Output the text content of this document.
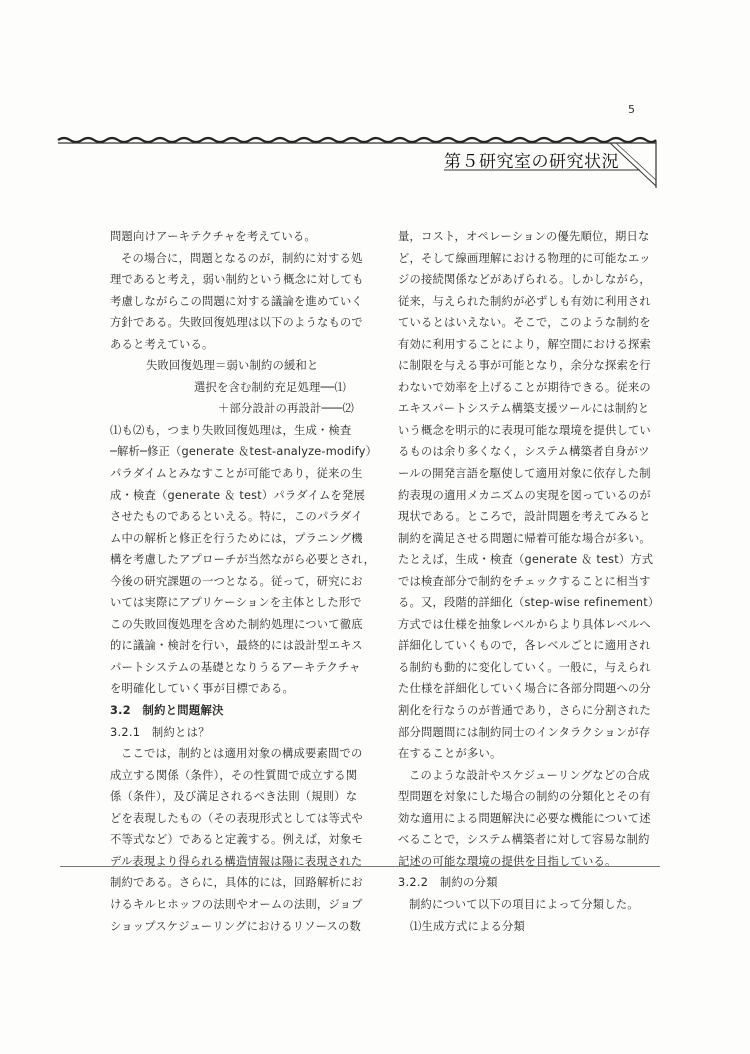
5
第５研究室の研究状況
問題向けアーキテクチャを考えている。
その場合に，問題となるのが，制約に対する処
理であると考え，弱い制約という概念に対しても
考慮しながらこの問題に対する議論を進めていく
方針である。失敗回復処理は以下のようなもので
あると考えている。
失敗回復処理＝弱い制約の緩和と
選択を含む制約充足処理──⑴
＋部分設計の再設計───⑵
⑴も⑵も，つまり失敗回復処理は，生成・検査
─解析─修正（generate ＆test-analyze-modify）
パラダイムとみなすことが可能であり，従来の生
成・検査（generate ＆ test）パラダイムを発展
させたものであるといえる。特に，このパラダイ
ム中の解析と修正を行うためには，プラニング機
構を考慮したアプローチが当然ながら必要とされ，
今後の研究課題の一つとなる。従って，研究にお
いては実際にアプリケーションを主体とした形で
この失敗回復処理を含めた制約処理について徹底
的に議論・検討を行い，最終的には設計型エキス
パートシステムの基礎となりうるアーキテクチャ
を明確化していく事が目標である。
3.2　制約と問題解決
3.2.1　制約とは？
ここでは，制約とは適用対象の構成要素間での
成立する関係（条件），その性質間で成立する関
係（条件），及び満足されるべき法則（規則）な
どを表現したもの（その表現形式としては等式や
不等式など）であると定義する。例えば，対象モ
デル表現より得られる構造情報は陽に表現された
制約である。さらに，具体的には，回路解析にお
けるキルヒホッフの法則やオームの法則，ジョブ
ショップスケジューリングにおけるリソースの数
量，コスト，オペレーションの優先順位，期日な
ど，そして線画理解における物理的に可能なエッ
ジの接続関係などがあげられる。しかしながら，
従来，与えられた制約が必ずしも有効に利用され
ているとはいえない。そこで，このような制約を
有効に利用することにより，解空間における探索
に制限を与える事が可能となり，余分な探索を行
わないで効率を上げることが期待できる。従来の
エキスパートシステム構築支援ツールには制約と
いう概念を明示的に表現可能な環境を提供してい
るものは余り多くなく，システム構築者自身がツ
ールの開発言語を駆使して適用対象に依存した制
約表現の適用メカニズムの実現を図っているのが
現状である。ところで，設計問題を考えてみると
制約を満足させる問題に帰着可能な場合が多い。
たとえば，生成・検査（generate ＆ test）方式
では検査部分で制約をチェックすることに相当す
る。又，段階的詳細化（step-wise refinement）
方式では仕様を抽象レベルからより具体レベルへ
詳細化していくもので，各レベルごとに適用され
る制約も動的に変化していく。一般に，与えられ
た仕様を詳細化していく場合に各部分問題への分
割化を行なうのが普通であり，さらに分割された
部分問題間には制約同士のインタラクションが存
在することが多い。
このような設計やスケジューリングなどの合成
型問題を対象にした場合の制約の分類化とその有
効な適用による問題解決に必要な機能について述
べることで，システム構築者に対して容易な制約
記述の可能な環境の提供を目指している。
3.2.2　制約の分類
制約について以下の項目によって分類した。
⑴生成方式による分類
